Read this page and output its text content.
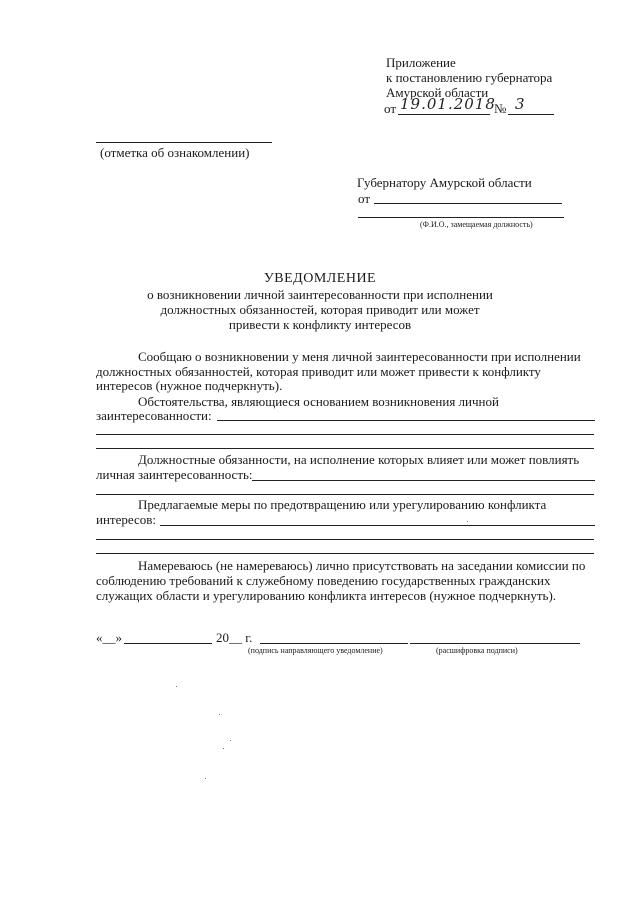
Приложение
к постановлению губернатора
Амурской области
от 19.01.2018
№ 3
(отметка об ознакомлении)
Губернатору Амурской области
от
(Ф.И.О., замещаемая должность)
УВЕДОМЛЕНИЕ
о возникновении личной заинтересованности при исполнении
должностных обязанностей, которая приводит или может
привести к конфликту интересов
Сообщаю о возникновении у меня личной заинтересованности при исполнении
должностных обязанностей, которая приводит или может привести к конфликту
интересов (нужное подчеркнуть).
Обстоятельства, являющиеся основанием возникновения личной
заинтересованности:
Должностные обязанности, на исполнение которых влияет или может повлиять
личная заинтересованность:
Предлагаемые меры по предотвращению или урегулированию конфликта
интересов:
Намереваюсь (не намереваюсь) лично присутствовать на заседании комиссии по
соблюдению требований к служебному поведению государственных гражданских
служащих области и урегулированию конфликта интересов (нужное подчеркнуть).
«__»	20__ г.
(подпись направляющего уведомление)	(расшифровка подписи)
